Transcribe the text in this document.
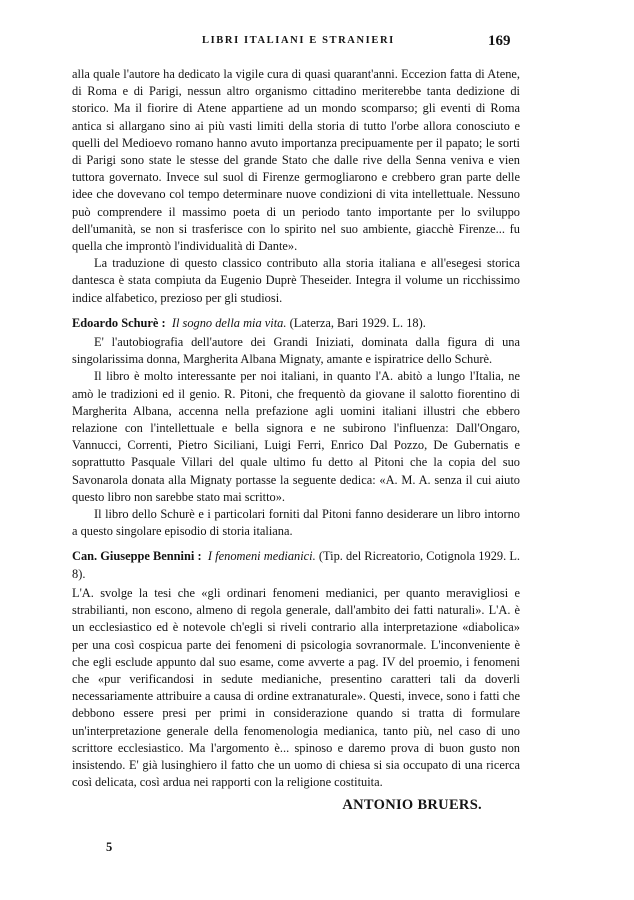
LIBRI ITALIANI E STRANIERI	169

alla quale l'autore ha dedicato la vigile cura di quasi quarant'anni. Eccezion fatta di Atene, di Roma e di Parigi, nessun altro organismo cittadino meriterebbe tanta dedizione di storico. Ma il fiorire di Atene appartiene ad un mondo scomparso; gli eventi di Roma antica si allargano sino ai più vasti limiti della storia di tutto l'orbe allora conosciuto e quelli del Medioevo romano hanno avuto importanza precipuamente per il papato; le sorti di Parigi sono state le stesse del grande Stato che dalle rive della Senna veniva e vien tuttora governato. Invece sul suol di Firenze germogliarono e crebbero gran parte delle idee che dovevano col tempo determinare nuove condizioni di vita intellettuale. Nessuno può comprendere il massimo poeta di un periodo tanto importante per lo sviluppo dell'umanità, se non si trasferisce con lo spirito nel suo ambiente, giacchè Firenze... fu quella che improntò l'individualità di Dante».

La traduzione di questo classico contributo alla storia italiana e all'esegesi storica dantesca è stata compiuta da Eugenio Duprè Theseider. Integra il volume un ricchissimo indice alfabetico, prezioso per gli studiosi.

Edoardo Schurè : Il sogno della mia vita. (Laterza, Bari 1929. L. 18).

E' l'autobiografia dell'autore dei Grandi Iniziati, dominata dalla figura di una singolarissima donna, Margherita Albana Mignaty, amante e ispiratrice dello Schurè.

Il libro è molto interessante per noi italiani, in quanto l'A. abitò a lungo l'Italia, ne amò le tradizioni ed il genio. R. Pitoni, che frequentò da giovane il salotto fiorentino di Margherita Albana, accenna nella prefazione agli uomini italiani illustri che ebbero relazione con l'intellettuale e bella signora e ne subirono l'influenza: Dall'Ongaro, Vannucci, Correnti, Pietro Siciliani, Luigi Ferri, Enrico Dal Pozzo, De Gubernatis e soprattutto Pasquale Villari del quale ultimo fu detto al Pitoni che la copia del suo Savonarola donata alla Mignaty portasse la seguente dedica: «A. M. A. senza il cui aiuto questo libro non sarebbe stato mai scritto».

Il libro dello Schurè e i particolari forniti dal Pitoni fanno desiderare un libro intorno a questo singolare episodio di storia italiana.

Can. Giuseppe Bennini : I fenomeni medianici. (Tip. del Ricreatorio, Cotignola 1929. L. 8).

L'A. svolge la tesi che «gli ordinari fenomeni medianici, per quanto meravigliosi e strabilianti, non escono, almeno di regola generale, dall'ambito dei fatti naturali». L'A. è un ecclesiastico ed è notevole ch'egli si riveli contrario alla interpretazione «diabolica» per una così cospicua parte dei fenomeni di psicologia sovranormale. L'inconveniente è che egli esclude appunto dal suo esame, come avverte a pag. IV del proemio, i fenomeni che «pur verificandosi in sedute medianiche, presentino caratteri tali da doverli necessariamente attribuire a causa di ordine extranaturale». Questi, invece, sono i fatti che debbono essere presi per primi in considerazione quando si tratta di formulare un'interpretazione generale della fenomenologia medianica, tanto più, nel caso di uno scrittore ecclesiastico. Ma l'argomento è... spinoso e daremo prova di buon gusto non insistendo. E' già lusinghiero il fatto che un uomo di chiesa si sia occupato di una ricerca così delicata, così ardua nei rapporti con la religione costituita.

ANTONIO BRUERS.
5
